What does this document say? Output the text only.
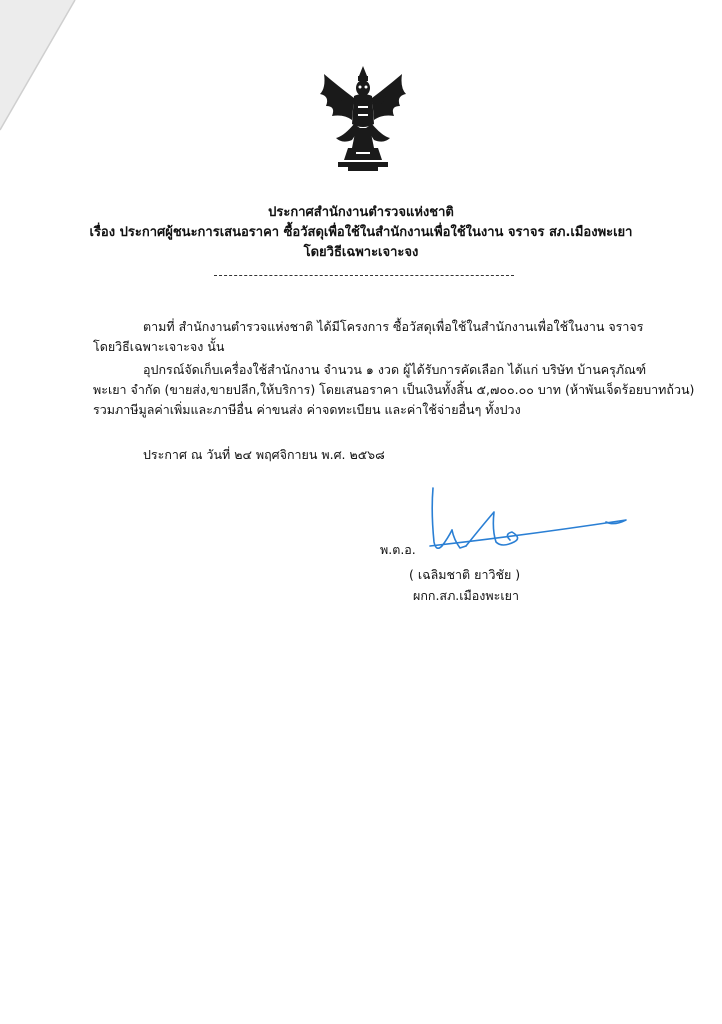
ประกาศสำนักงานตำรวจแห่งชาติ
เรื่อง ประกาศผู้ชนะการเสนอราคา ซื้อวัสดุเพื่อใช้ในสำนักงานเพื่อใช้ในงาน จราจร สภ.เมืองพะเยา
โดยวิธีเฉพาะเจาะจง
ตามที่ สำนักงานตำรวจแห่งชาติ ได้มีโครงการ ซื้อวัสดุเพื่อใช้ในสำนักงานเพื่อใช้ในงาน จราจร
โดยวิธีเฉพาะเจาะจง นั้น
อุปกรณ์จัดเก็บเครื่องใช้สำนักงาน จำนวน ๑ งวด ผู้ได้รับการคัดเลือก ได้แก่ บริษัท บ้านครุภัณฑ์
พะเยา จำกัด (ขายส่ง,ขายปลีก,ให้บริการ) โดยเสนอราคา เป็นเงินทั้งสิ้น ๕,๗๐๐.๐๐ บาท (ห้าพันเจ็ดร้อยบาทถ้วน)
รวมภาษีมูลค่าเพิ่มและภาษีอื่น ค่าขนส่ง ค่าจดทะเบียน และค่าใช้จ่ายอื่นๆ ทั้งปวง
ประกาศ ณ วันที่ ๒๔ พฤศจิกายน พ.ศ. ๒๕๖๘
พ.ต.อ.
( เฉลิมชาติ ยาวิชัย )
ผกก.สภ.เมืองพะเยา
